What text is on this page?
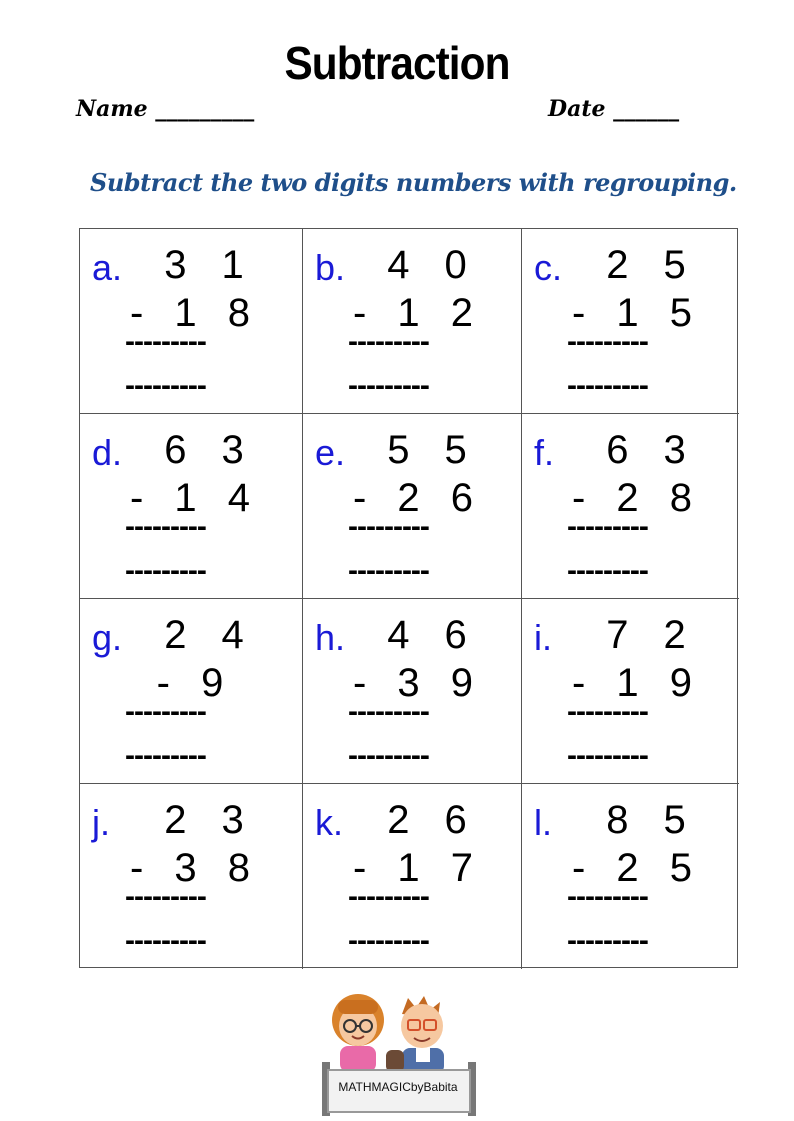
Subtraction
Name _________	Date ______
Subtract the two digits numbers with regrouping.
a.	3 1
- 1 8
---------
---------
b.	4 0
- 1 2
---------
---------
c.	2 5
- 1 5
---------
---------
d.	6 3
- 1 4
---------
---------
e.	5 5
- 2 6
---------
---------
f.	6 3
- 2 8
---------
---------
g.	2 4
- 9
---------
---------
h.	4 6
- 3 9
---------
---------
i.	7 2
- 1 9
---------
---------
j.	2 3
- 3 8
---------
---------
k.	2 6
- 1 7
---------
---------
l.	8 5
- 2 5
---------
---------
MATHMAGICbyBabita
